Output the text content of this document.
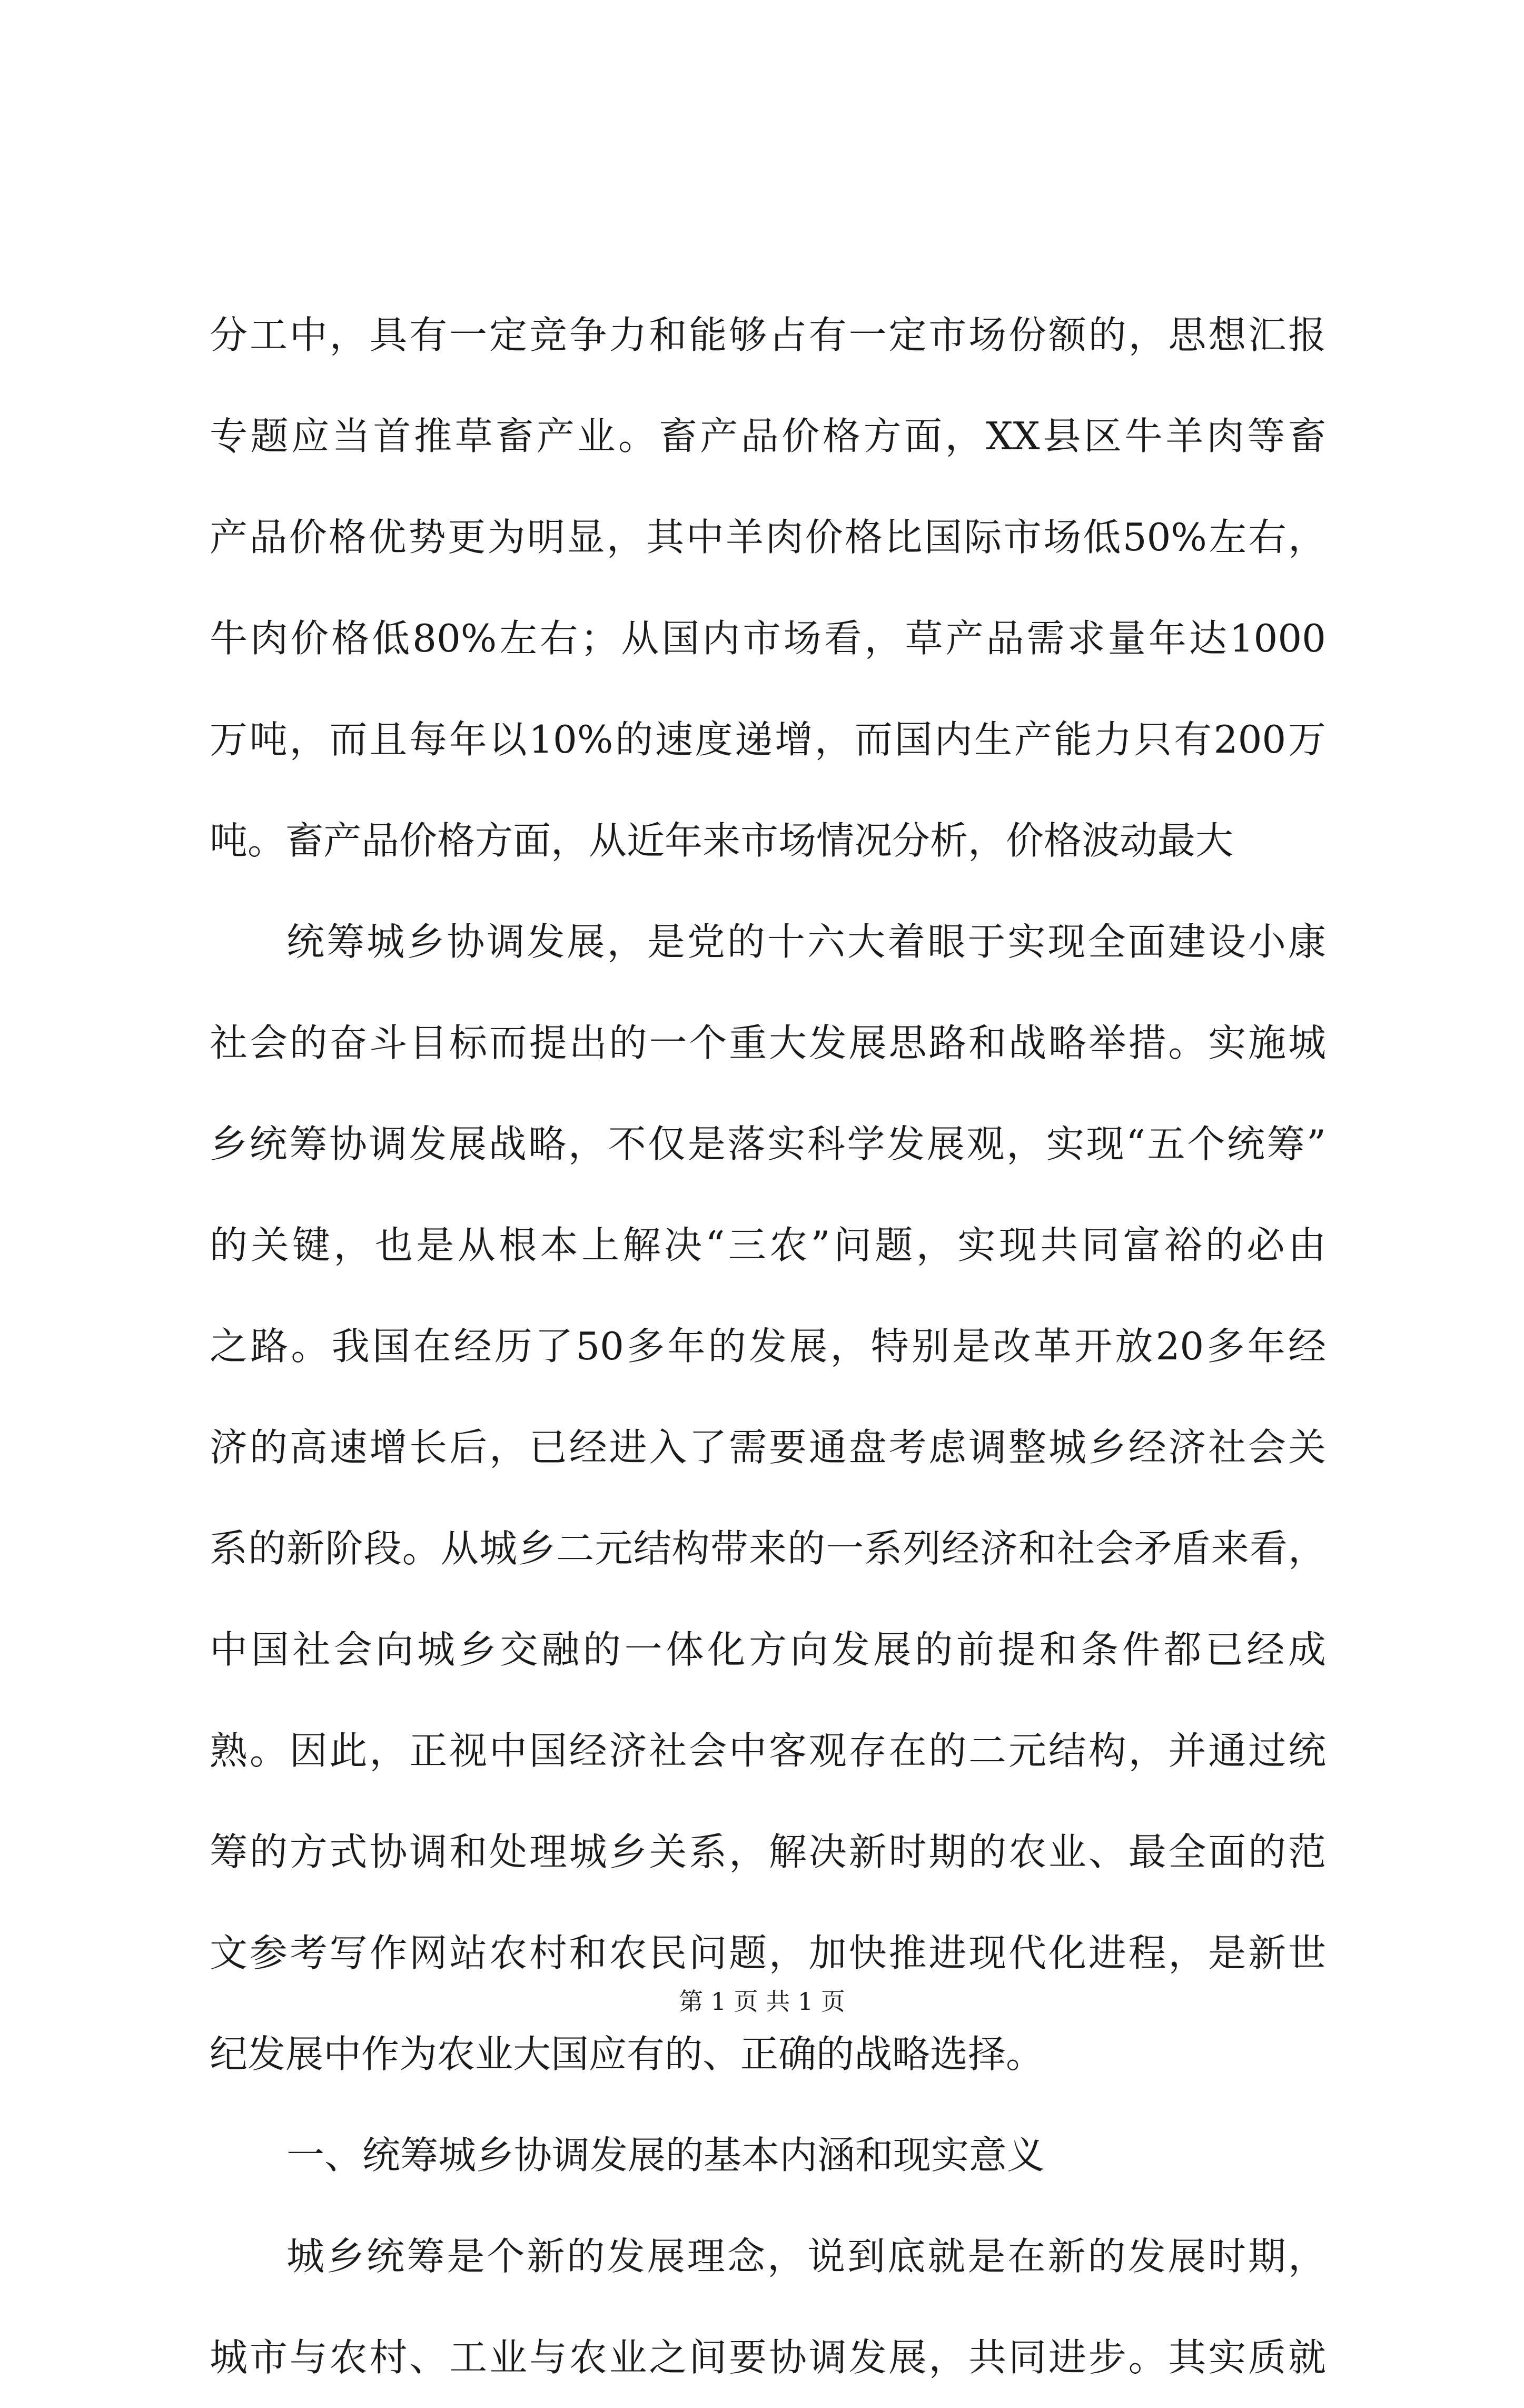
分工中，具有一定竞争力和能够占有一定市场份额的，思想汇报
专题应当首推草畜产业。畜产品价格方面，XX县区牛羊肉等畜
产品价格优势更为明显，其中羊肉价格比国际市场低50%左右，
牛肉价格低80%左右；从国内市场看，草产品需求量年达1000
万吨，而且每年以10%的速度递增，而国内生产能力只有200万
吨。畜产品价格方面，从近年来市场情况分析，价格波动最大
统筹城乡协调发展，是党的十六大着眼于实现全面建设小康
社会的奋斗目标而提出的一个重大发展思路和战略举措。实施城
乡统筹协调发展战略，不仅是落实科学发展观，实现“五个统筹”
的关键，也是从根本上解决“三农”问题，实现共同富裕的必由
之路。我国在经历了50多年的发展，特别是改革开放20多年经
济的高速增长后，已经进入了需要通盘考虑调整城乡经济社会关
系的新阶段。从城乡二元结构带来的一系列经济和社会矛盾来看，
中国社会向城乡交融的一体化方向发展的前提和条件都已经成
熟。因此，正视中国经济社会中客观存在的二元结构，并通过统
筹的方式协调和处理城乡关系，解决新时期的农业、最全面的范
文参考写作网站农村和农民问题，加快推进现代化进程，是新世
纪发展中作为农业大国应有的、正确的战略选择。
一、统筹城乡协调发展的基本内涵和现实意义
城乡统筹是个新的发展理念，说到底就是在新的发展时期，
城市与农村、工业与农业之间要协调发展，共同进步。其实质就
第 1 页 共 1 页
